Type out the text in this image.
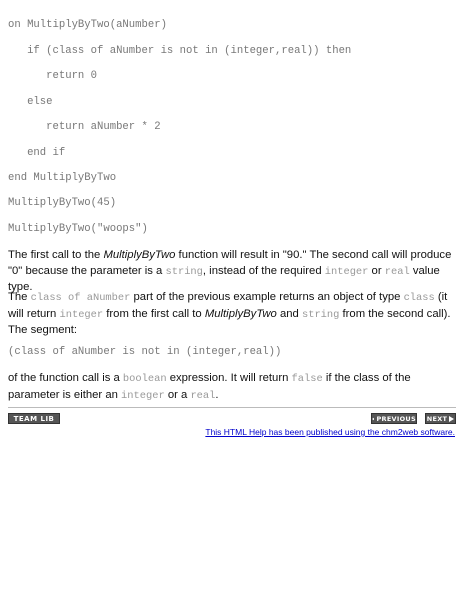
on MultiplyByTwo(aNumber)
if (class of aNumber is not in (integer,real)) then
return 0
else
return aNumber * 2
end if
end MultiplyByTwo
MultiplyByTwo(45)
MultiplyByTwo("woops")
The first call to the MultiplyByTwo function will result in "90." The second call will produce "0" because the parameter is a string, instead of the required integer or real value type.
The class of aNumber part of the previous example returns an object of type class (it will return integer from the first call to MultiplyByTwo and string from the second call). The segment:
(class of aNumber is not in (integer,real))
of the function call is a boolean expression. It will return false if the class of the parameter is either an integer or a real.
TEAM LIB	PREVIOUS NEXT
This HTML Help has been published using the chm2web software.
